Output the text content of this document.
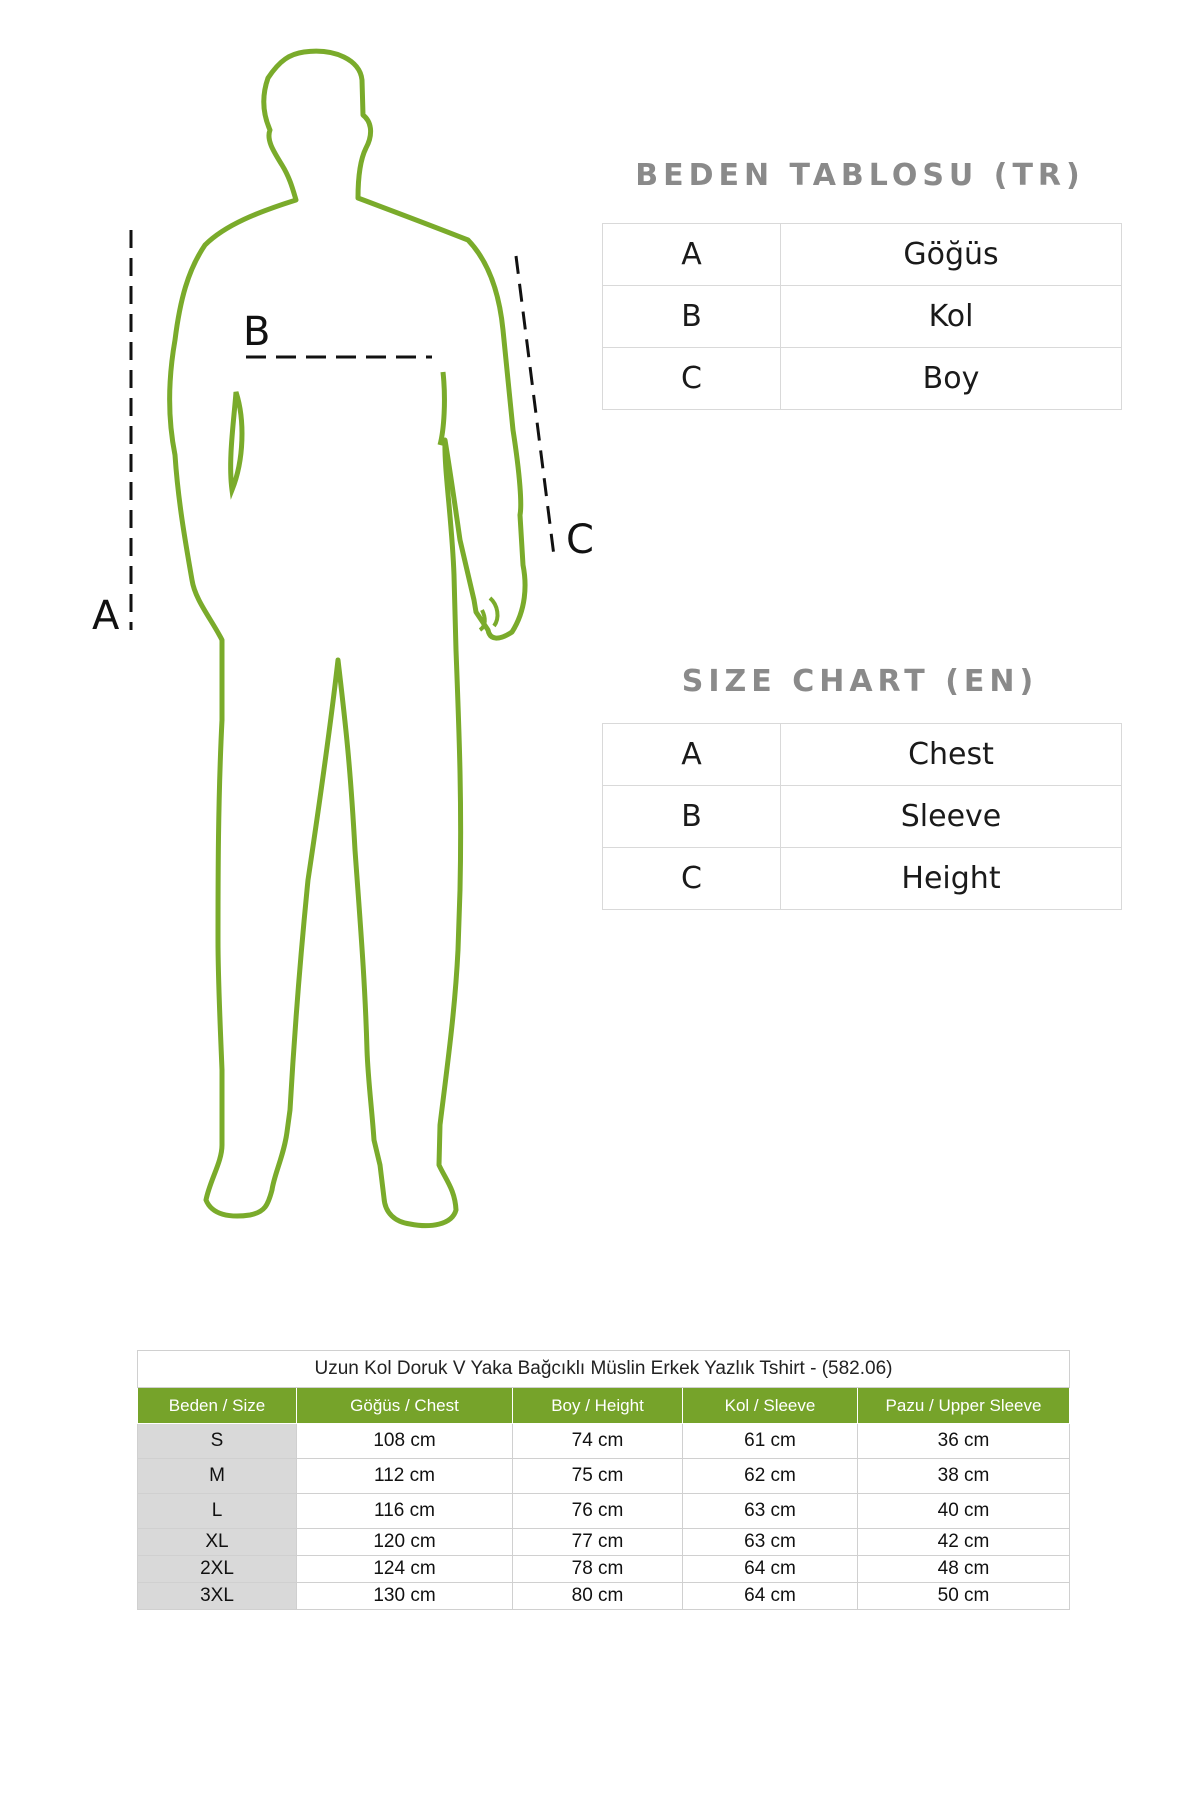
A
B
C
BEDEN TABLOSU (TR)
A	Göğüs
B	Kol
C	Boy
SIZE CHART (EN)
A	Chest
B	Sleeve
C	Height
Uzun Kol Doruk V Yaka Bağcıklı Müslin Erkek Yazlık Tshirt - (582.06)				
Beden / Size	Göğüs / Chest	Boy / Height	Kol / Sleeve	Pazu / Upper Sleeve
S	108 cm	74 cm	61 cm	36 cm
M	112 cm	75 cm	62 cm	38 cm
L	116 cm	76 cm	63 cm	40 cm
XL	120 cm	77 cm	63 cm	42 cm
2XL	124 cm	78 cm	64 cm	48 cm
3XL	130 cm	80 cm	64 cm	50 cm
